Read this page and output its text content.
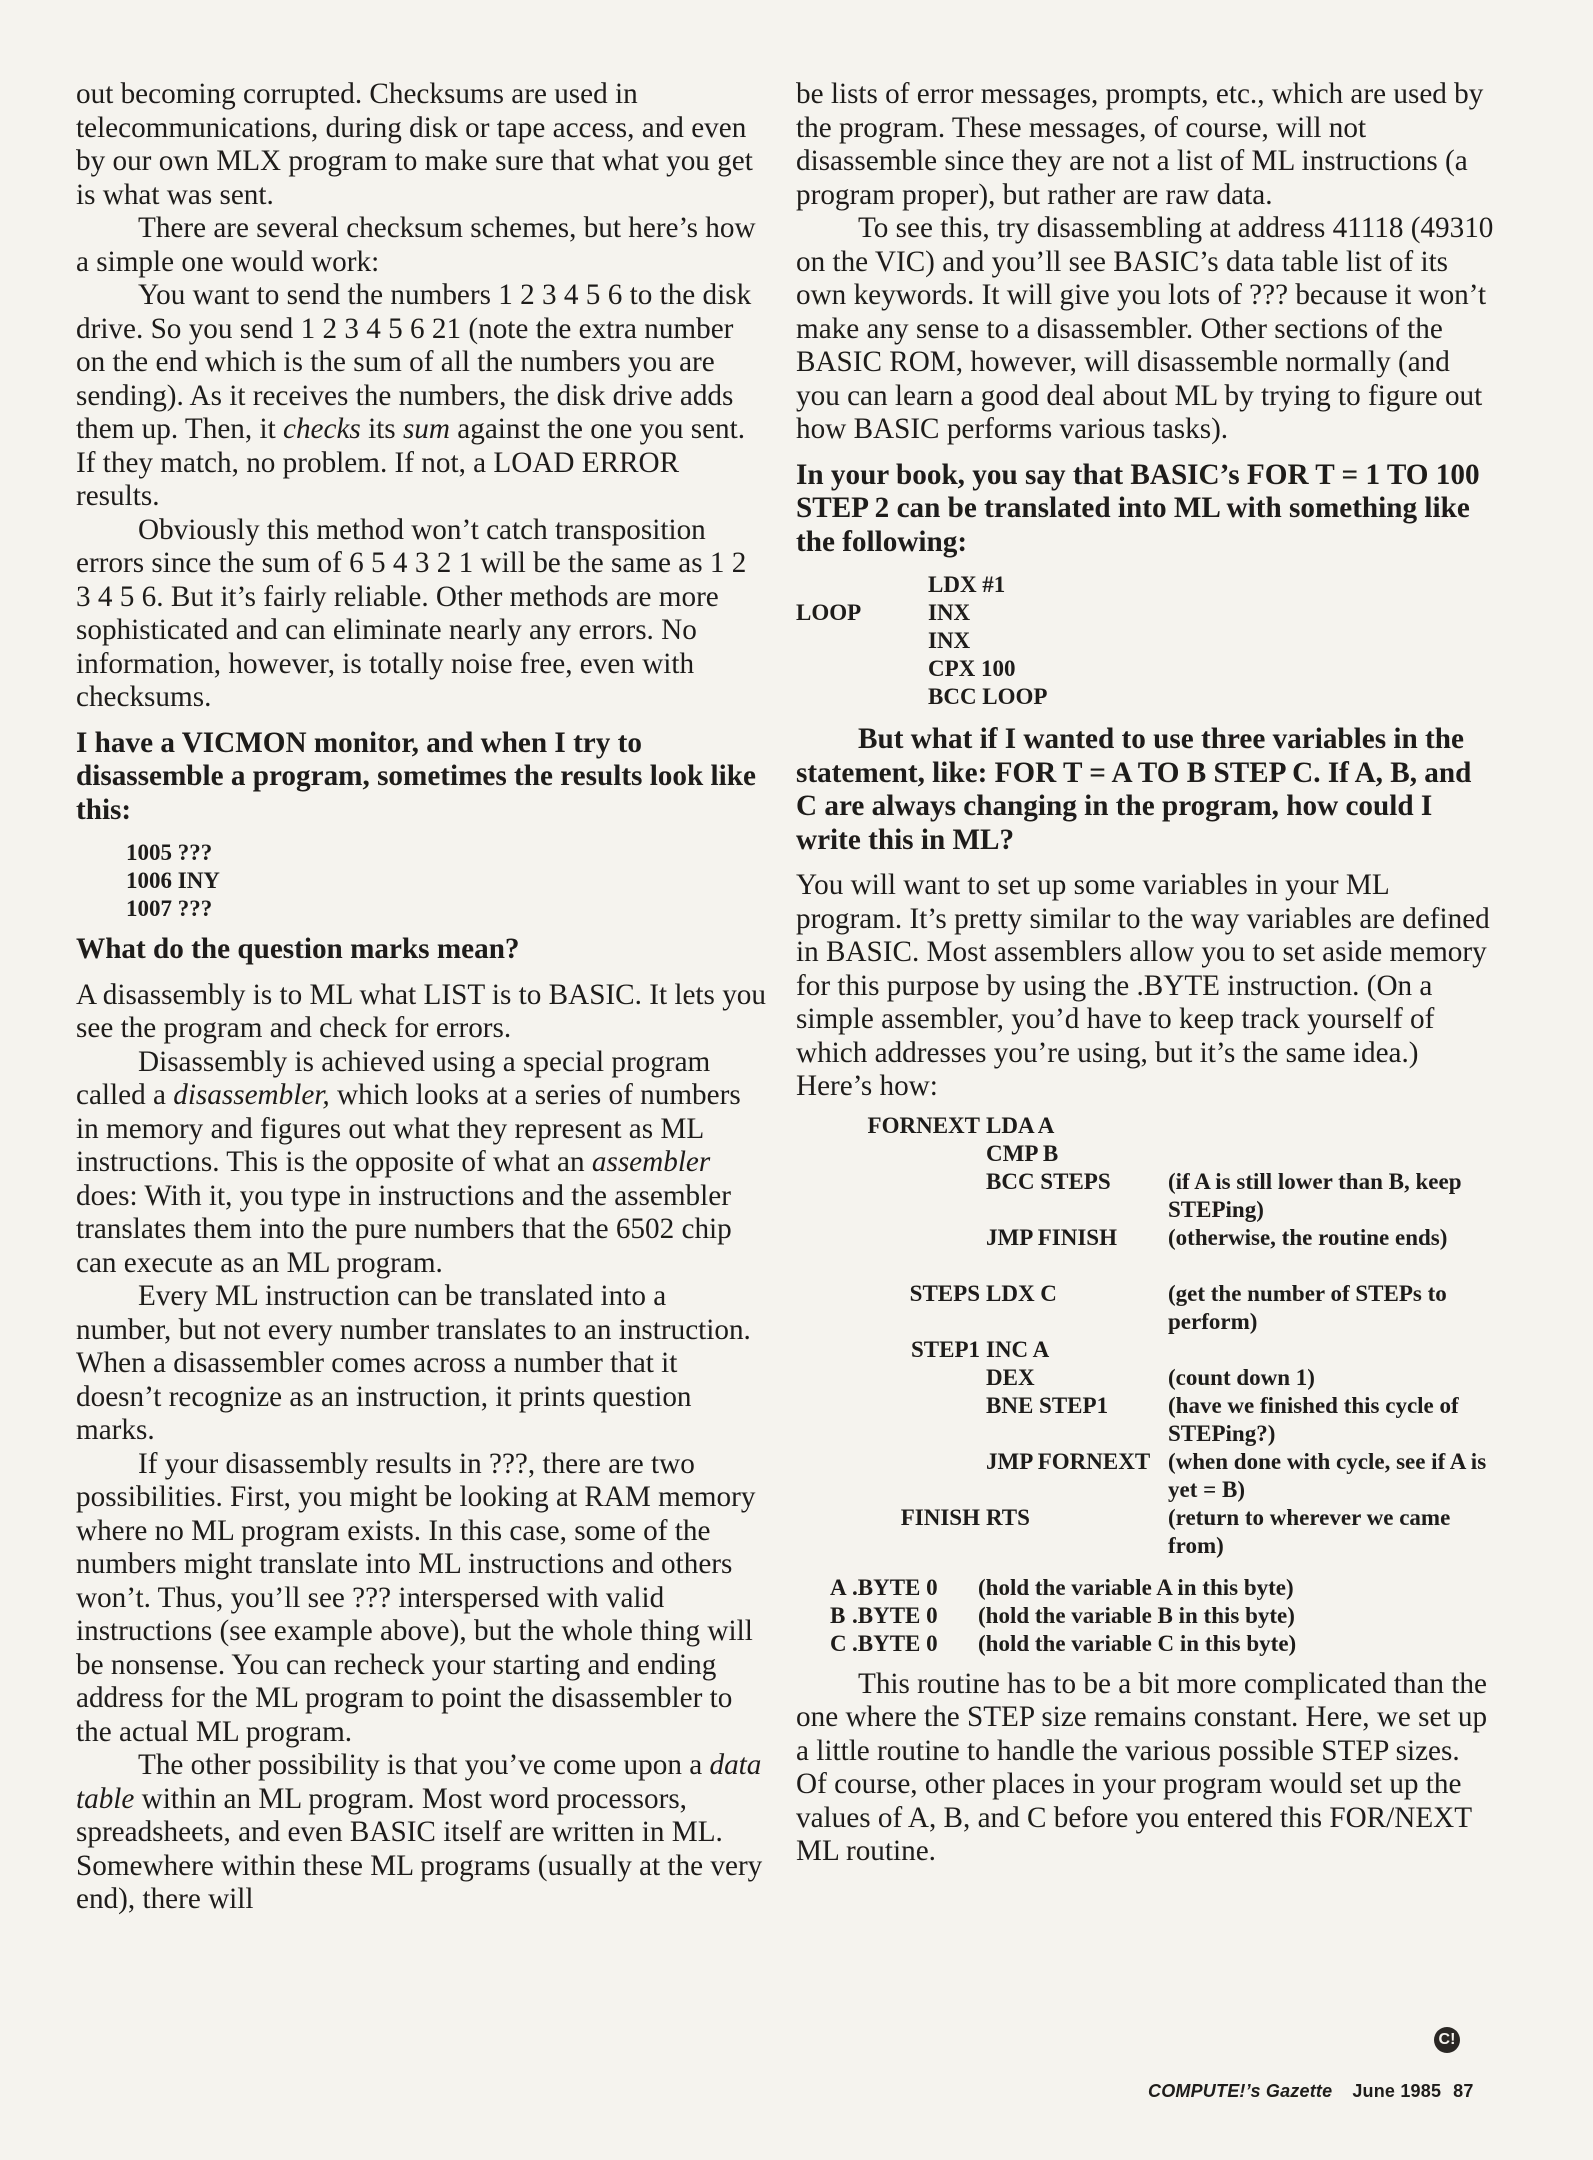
out becoming corrupted. Checksums are used in telecommunications, during disk or tape access, and even by our own MLX program to make sure that what you get is what was sent.

There are several checksum schemes, but here’s how a simple one would work:

You want to send the numbers 1 2 3 4 5 6 to the disk drive. So you send 1 2 3 4 5 6 21 (note the extra number on the end which is the sum of all the numbers you are sending). As it receives the numbers, the disk drive adds them up. Then, it checks its sum against the one you sent. If they match, no problem. If not, a LOAD ERROR results.

Obviously this method won’t catch transposition errors since the sum of 6 5 4 3 2 1 will be the same as 1 2 3 4 5 6. But it’s fairly reliable. Other methods are more sophisticated and can eliminate nearly any errors. No information, however, is totally noise free, even with checksums.

I have a VICMON monitor, and when I try to disassemble a program, sometimes the results look like this:

1005 ???
1006 INY
1007 ???

What do the question marks mean?

A disassembly is to ML what LIST is to BASIC. It lets you see the program and check for errors.

Disassembly is achieved using a special program called a disassembler, which looks at a series of numbers in memory and figures out what they represent as ML instructions. This is the opposite of what an assembler does: With it, you type in instructions and the assembler translates them into the pure numbers that the 6502 chip can execute as an ML program.

Every ML instruction can be translated into a number, but not every number translates to an instruction. When a disassembler comes across a number that it doesn’t recognize as an instruction, it prints question marks.

If your disassembly results in ???, there are two possibilities. First, you might be looking at RAM memory where no ML program exists. In this case, some of the numbers might translate into ML instructions and others won’t. Thus, you’ll see ??? interspersed with valid instructions (see example above), but the whole thing will be nonsense. You can recheck your starting and ending address for the ML program to point the disassembler to the actual ML program.

The other possibility is that you’ve come upon a data table within an ML program. Most word processors, spreadsheets, and even BASIC itself are written in ML. Somewhere within these ML programs (usually at the very end), there will

be lists of error messages, prompts, etc., which are used by the program. These messages, of course, will not disassemble since they are not a list of ML instructions (a program proper), but rather are raw data.

To see this, try disassembling at address 41118 (49310 on the VIC) and you’ll see BASIC’s data table list of its own keywords. It will give you lots of ??? because it won’t make any sense to a disassembler. Other sections of the BASIC ROM, however, will disassemble normally (and you can learn a good deal about ML by trying to figure out how BASIC performs various tasks).

In your book, you say that BASIC’s FOR T = 1 TO 100 STEP 2 can be translated into ML with something like the following:

LDX #1
LOOP	INX
INX
CPX 100
BCC LOOP

But what if I wanted to use three variables in the statement, like: FOR T = A TO B STEP C. If A, B, and C are always changing in the program, how could I write this in ML?

You will want to set up some variables in your ML program. It’s pretty similar to the way variables are defined in BASIC. Most assemblers allow you to set aside memory for this purpose by using the .BYTE instruction. (On a simple assembler, you’d have to keep track yourself of which addresses you’re using, but it’s the same idea.) Here’s how:

FORNEXT LDA A
CMP B
BCC STEPS	(if A is still lower than B, keep STEPing)
JMP FINISH	(otherwise, the routine ends)
STEPS LDX C	(get the number of STEPs to perform)
STEP1 INC A
DEX	(count down 1)
BNE STEP1	(have we finished this cycle of STEPing?)
JMP FORNEXT (when done with cycle, see if A is yet = B)
FINISH RTS	(return to wherever we came from)
A .BYTE 0	(hold the variable A in this byte)
B .BYTE 0	(hold the variable B in this byte)
C .BYTE 0	(hold the variable C in this byte)

This routine has to be a bit more complicated than the one where the STEP size remains constant. Here, we set up a little routine to handle the various possible STEP sizes. Of course, other places in your program would set up the values of A, B, and C before you entered this FOR/NEXT ML routine.

C!
COMPUTE!’s Gazette June 1985 87
